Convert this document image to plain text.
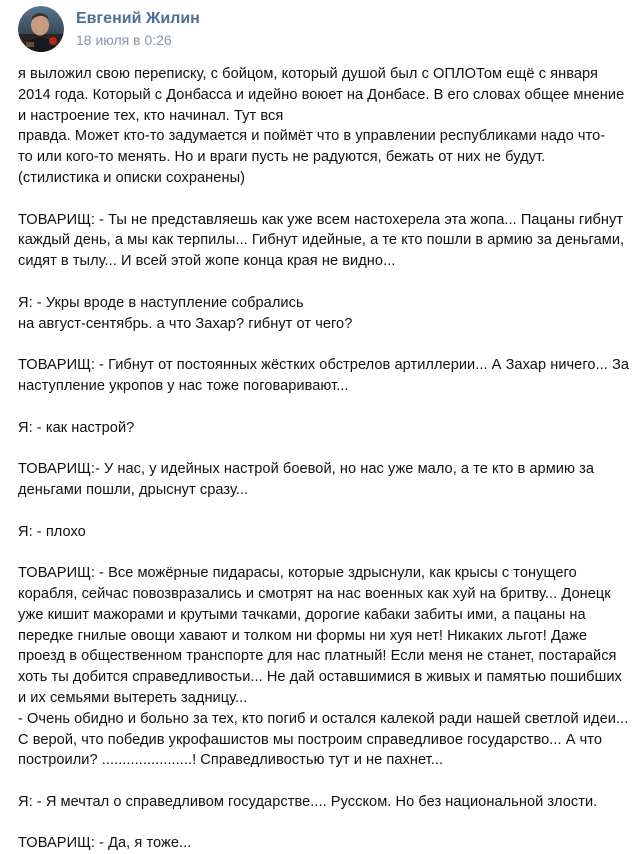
Евгений Жилин
18 июля в 0:26
я выложил свою переписку, с бойцом, который душой был с ОПЛОТом ещё с января
2014 года. Который с Донбасса и идейно воюет на Донбасе. В его словах общее мнение
и настроение тех, кто начинал. Тут вся
правда. Может кто-то задумается и поймёт что в управлении республиками надо что-
то или кого-то менять. Но и враги пусть не радуются, бежать от них не будут.
(стилистика и описки сохранены)
ТОВАРИЩ: - Ты не представляешь как уже всем настохерела эта жопа... Пацаны гибнут
каждый день, а мы как терпилы... Гибнут идейные, а те кто пошли в армию за деньгами,
сидят в тылу... И всей этой жопе конца края не видно...
Я: - Укры вроде в наступление собрались
на август-сентябрь. а что Захар? гибнут от чего?
ТОВАРИЩ: - Гибнут от постоянных жёстких обстрелов артиллерии... А Захар ничего... За
наступление укропов у нас тоже поговаривают...
Я: - как настрой?
ТОВАРИЩ:- У нас, у идейных настрой боевой, но нас уже мало, а те кто в армию за
деньгами пошли, дрыснут сразу...
Я: - плохо
ТОВАРИЩ: - Все можёрные пидарасы, которые здрыснули, как крысы с тонущего
корабля, сейчас повозвразались и смотрят на нас военных как хуй на бритву... Донецк
уже кишит мажорами и крутыми тачками, дорогие кабаки забиты ими, а пацаны на
передке гнилые овощи хавают и толком ни формы ни хуя нет! Никаких льгот! Даже
проезд в общественном транспорте для нас платный! Если меня не станет, постарайся
хоть ты добится справедливостьи... Не дай оставшимися в живых и памятью пошибших
и их семьями вытереть задницу...
- Очень обидно и больно за тех, кто погиб и остался калекой ради нашей светлой идеи...
С верой, что победив укрофашистов мы построим справедливое государство... А что
построили? ......................! Справедливостью тут и не пахнет...
Я: - Я мечтал о справедливом государстве.... Русском. Но без национальной злости.
ТОВАРИЩ: - Да, я тоже...
